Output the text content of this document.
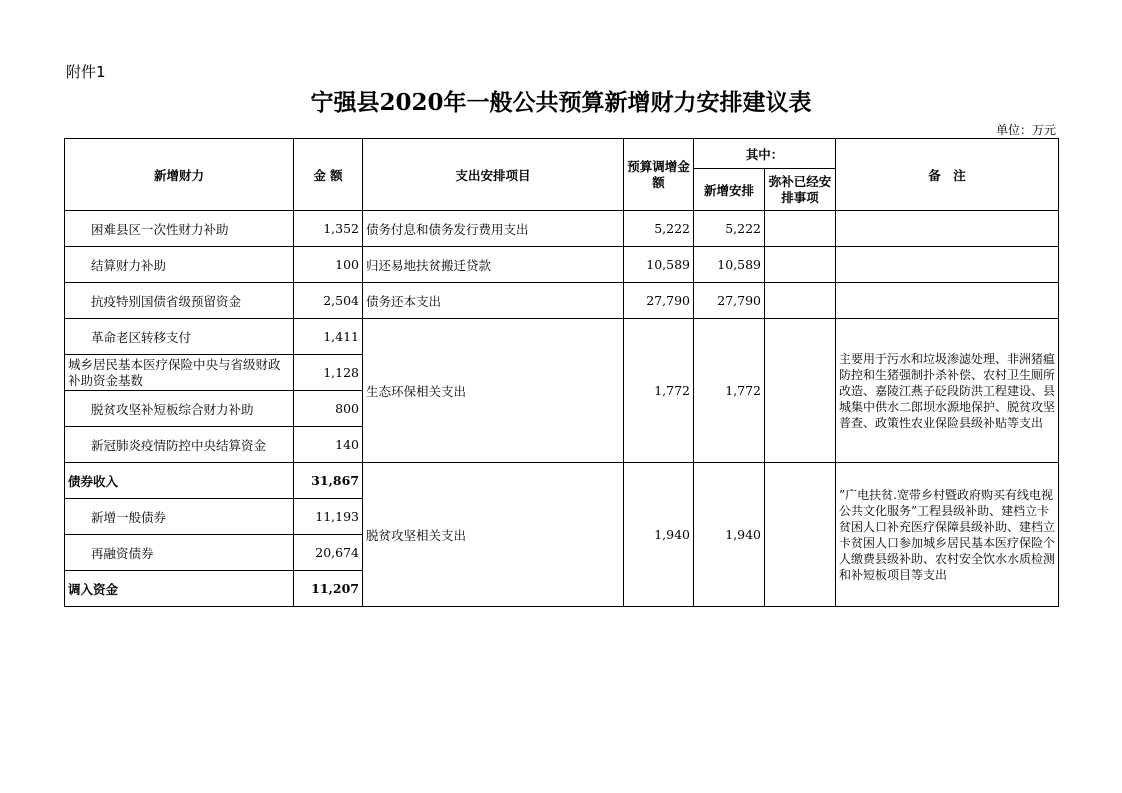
附件1
宁强县2020年一般公共预算新增财力安排建议表
单位：万元
新增财力	金 额	支出安排项目	预算调增金额	其中：		备　注
				新增安排	弥补已经安排事项	
困难县区一次性财力补助	1,352	债务付息和债务发行费用支出	5,222	5,222		
结算财力补助	100	归还易地扶贫搬迁贷款	10,589	10,589		
抗疫特别国债省级预留资金	2,504	债务还本支出	27,790	27,790		
革命老区转移支付	1,411	生态环保相关支出	1,772	1,772		主要用于污水和垃圾渗滤处理、非洲猪瘟防控和生猪强制扑杀补偿、农村卫生厕所改造、嘉陵江燕子砭段防洪工程建设、县城集中供水二郎坝水源地保护、脱贫攻坚普查、政策性农业保险县级补贴等支出
城乡居民基本医疗保险中央与省级财政补助资金基数	1,128					
脱贫攻坚补短板综合财力补助	800					
新冠肺炎疫情防控中央结算资金	140					
债券收入	31,867	脱贫攻坚相关支出	1,940	1,940		”广电扶贫.宽带乡村暨政府购买有线电视公共文化服务”工程县级补助、建档立卡贫困人口补充医疗保障县级补助、建档立卡贫困人口参加城乡居民基本医疗保险个人缴费县级补助、农村安全饮水水质检测和补短板项目等支出
新增一般债券	11,193					
再融资债券	20,674					
调入资金	11,207					
